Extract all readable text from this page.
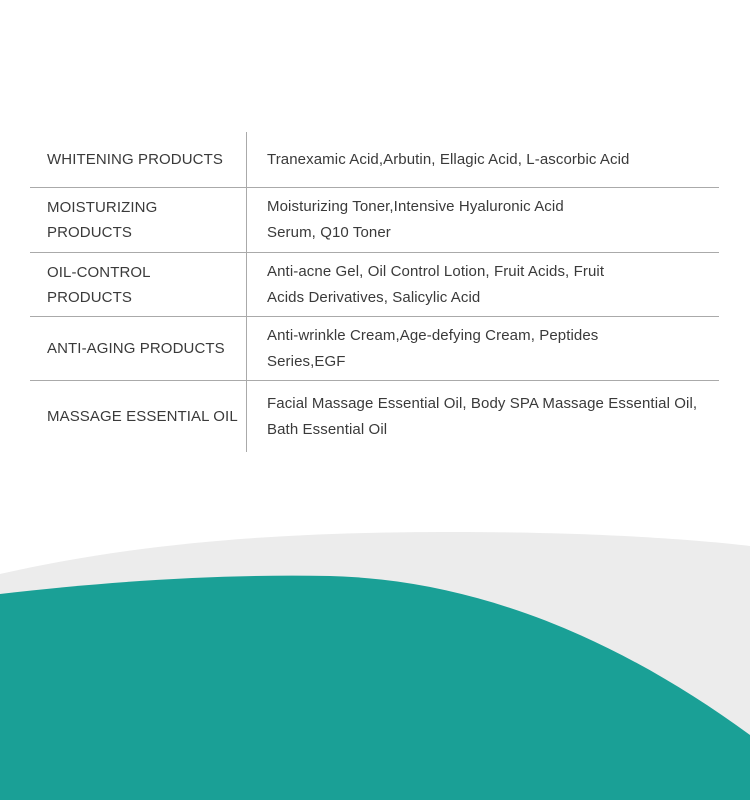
WHITENING PRODUCTS	Tranexamic Acid,Arbutin, Ellagic Acid, L-ascorbic Acid
MOISTURIZING PRODUCTS
Moisturizing Toner,Intensive Hyaluronic Acid Serum, Q10 Toner
OIL-CONTROL PRODUCTS
Anti-acne Gel, Oil Control Lotion, Fruit Acids, Fruit Acids Derivatives, Salicylic Acid
ANTI-AGING PRODUCTS
Anti-wrinkle Cream,Age-defying Cream, Peptides Series,EGF
MASSAGE ESSENTIAL OIL
Facial Massage Essential Oil, Body SPA Massage Essential Oil, Bath Essential Oil
